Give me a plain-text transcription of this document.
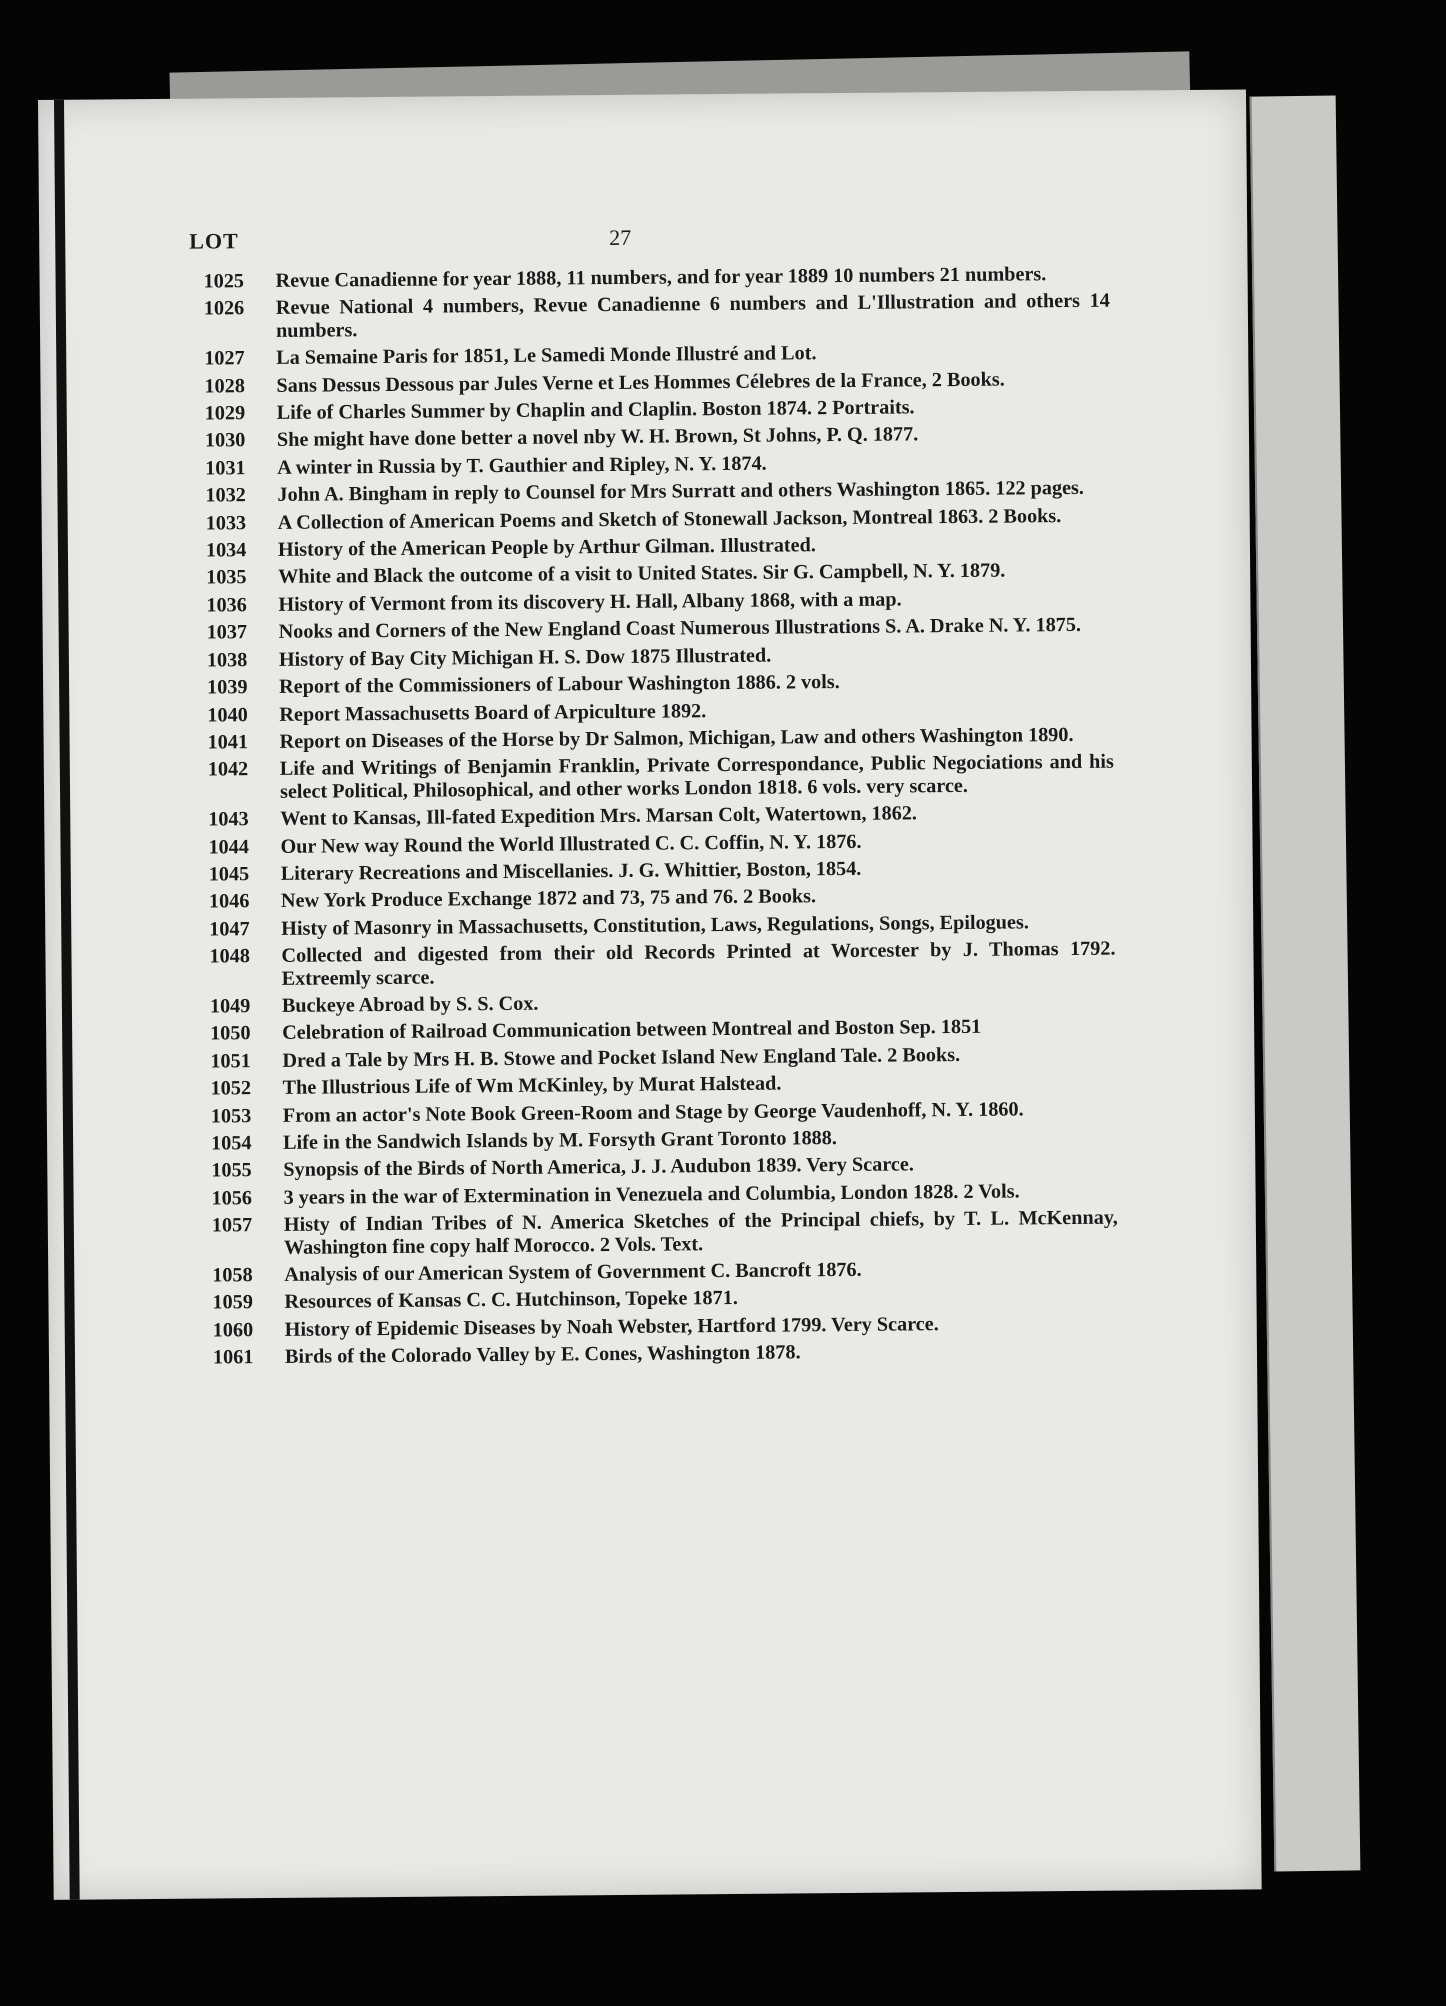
LOT	27
1025 Revue Canadienne for year 1888, 11 numbers, and for year 1889 10 numbers 21 numbers.
1026 Revue National 4 numbers, Revue Canadienne 6 numbers and L'Illustration and others 14 numbers.
1027 La Semaine Paris for 1851, Le Samedi Monde Illustré and Lot.
1028 Sans Dessus Dessous par Jules Verne et Les Hommes Célebres de la France, 2 Books.
1029 Life of Charles Summer by Chaplin and Claplin. Boston 1874. 2 Portraits.
1030 She might have done better a novel nby W. H. Brown, St Johns, P. Q. 1877.
1031 A winter in Russia by T. Gauthier and Ripley, N. Y. 1874.
1032 John A. Bingham in reply to Counsel for Mrs Surratt and others Washington 1865. 122 pages.
1033 A Collection of American Poems and Sketch of Stonewall Jackson, Montreal 1863. 2 Books.
1034 History of the American People by Arthur Gilman. Illustrated.
1035 White and Black the outcome of a visit to United States. Sir G. Campbell, N. Y. 1879.
1036 History of Vermont from its discovery H. Hall, Albany 1868, with a map.
1037 Nooks and Corners of the New England Coast Numerous Illustrations S. A. Drake N. Y. 1875.
1038 History of Bay City Michigan H. S. Dow 1875 Illustrated.
1039 Report of the Commissioners of Labour Washington 1886. 2 vols.
1040 Report Massachusetts Board of Arpiculture 1892.
1041 Report on Diseases of the Horse by Dr Salmon, Michigan, Law and others Washington 1890.
1042 Life and Writings of Benjamin Franklin, Private Correspondance, Public Negociations and his select Political, Philosophical, and other works London 1818. 6 vols. very scarce.
1043 Went to Kansas, Ill-fated Expedition Mrs. Marsan Colt, Watertown, 1862.
1044 Our New way Round the World Illustrated C. C. Coffin, N. Y. 1876.
1045 Literary Recreations and Miscellanies. J. G. Whittier, Boston, 1854.
1046 New York Produce Exchange 1872 and 73, 75 and 76. 2 Books.
1047 Histy of Masonry in Massachusetts, Constitution, Laws, Regulations, Songs, Epilogues.
1048 Collected and digested from their old Records Printed at Worcester by J. Thomas 1792. Extreemly scarce.
1049 Buckeye Abroad by S. S. Cox.
1050 Celebration of Railroad Communication between Montreal and Boston Sep. 1851
1051 Dred a Tale by Mrs H. B. Stowe and Pocket Island New England Tale. 2 Books.
1052 The Illustrious Life of Wm McKinley, by Murat Halstead.
1053 From an actor's Note Book Green-Room and Stage by George Vaudenhoff, N. Y. 1860.
1054 Life in the Sandwich Islands by M. Forsyth Grant Toronto 1888.
1055 Synopsis of the Birds of North America, J. J. Audubon 1839. Very Scarce.
1056 3 years in the war of Extermination in Venezuela and Columbia, London 1828. 2 Vols.
1057 Histy of Indian Tribes of N. America Sketches of the Principal chiefs, by T. L. McKennay, Washington fine copy half Morocco. 2 Vols. Text.
1058 Analysis of our American System of Government C. Bancroft 1876.
1059 Resources of Kansas C. C. Hutchinson, Topeke 1871.
1060 History of Epidemic Diseases by Noah Webster, Hartford 1799. Very Scarce.
1061 Birds of the Colorado Valley by E. Cones, Washington 1878.
